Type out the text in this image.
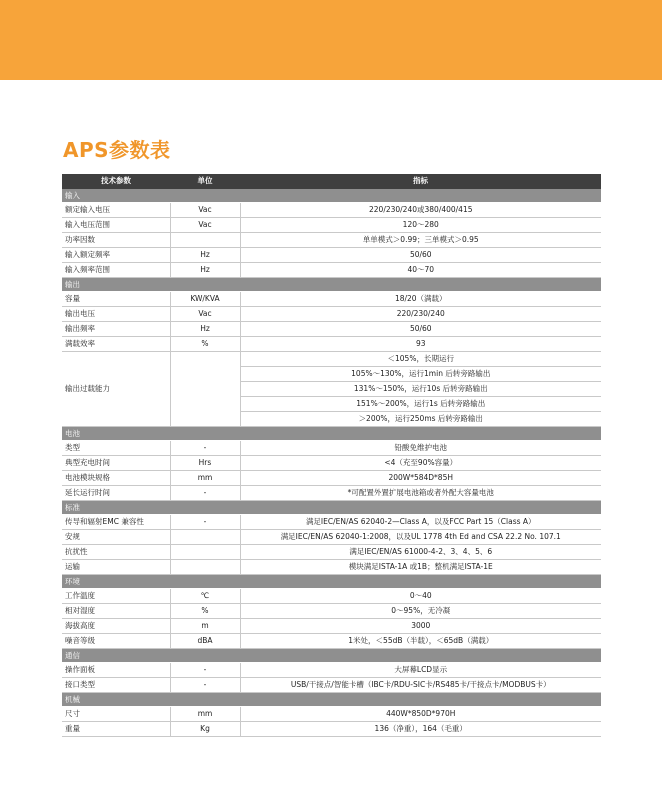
APS参数表
技术参数	单位	指标
输入		
额定输入电压	Vac	220/230/240或380/400/415
输入电压范围	Vac	120～280
功率因数		单单模式＞0.99；三单模式＞0.95
输入额定频率	Hz	50/60
输入频率范围	Hz	40～70
输出		
容量	KW/KVA	18/20（满载）
输出电压	Vac	220/230/240
输出频率	Hz	50/60
满载效率	%	93
输出过载能力		＜105%，长期运行
		105%～130%，运行1min 后转旁路输出
		131%～150%，运行10s 后转旁路输出
		151%～200%，运行1s 后转旁路输出
		＞200%，运行250ms 后转旁路输出
电池		
类型	-	铅酸免维护电池
典型充电时间	Hrs	<4（充至90%容量）
电池模块规格	mm	200W*584D*85H
延长运行时间	-	*可配置外置扩展电池箱或者外配大容量电池
标准		
传导和辐射EMC 兼容性	-	满足IEC/EN/AS 62040-2—Class A，以及FCC Part 15（Class A）
安规		满足IEC/EN/AS 62040-1:2008，以及UL 1778 4th Ed and CSA 22.2 No. 107.1
抗扰性		满足IEC/EN/AS 61000-4-2、3、4、5、6
运输		模块满足ISTA-1A 或1B；整机满足ISTA-1E
环境		
工作温度	℃	0～40
相对湿度	%	0～95%，无冷凝
海拔高度	m	3000
噪音等级	dBA	1米处，＜55dB（半载），＜65dB（满载）
通信		
操作面板	-	大屏幕LCD显示
接口类型	-	USB/干接点/智能卡槽（IBC卡/RDU-SIC卡/RS485卡/干接点卡/MODBUS卡）
机械		
尺寸	mm	440W*850D*970H
重量	Kg	136（净重），164（毛重）
